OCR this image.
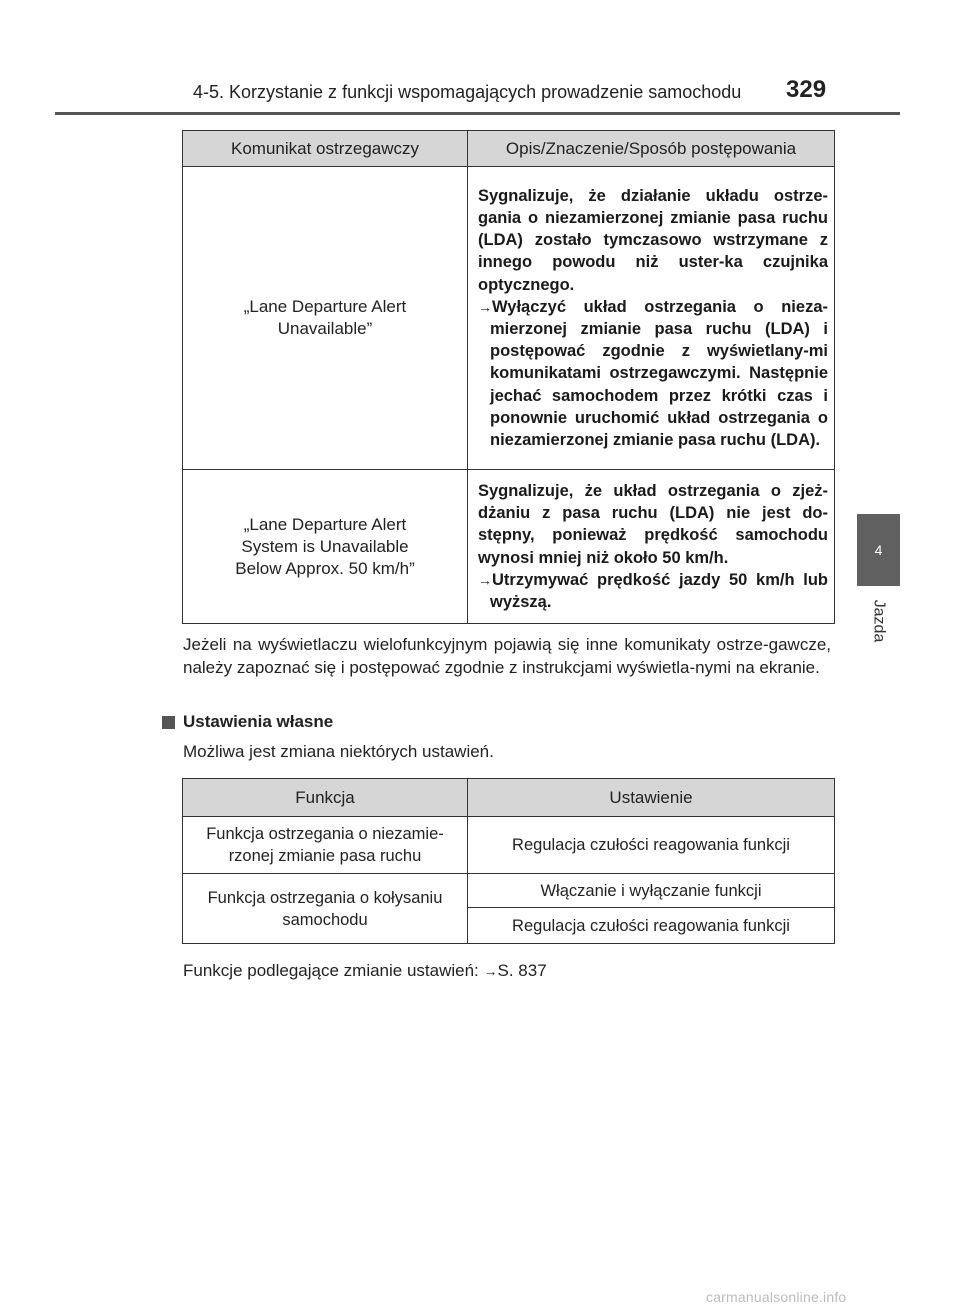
4-5. Korzystanie z funkcji wspomagających prowadzenie samochodu	329
4
Jazda
Komunikat ostrzegawczy	Opis/Znaczenie/Sposób postępowania
„Lane Departure Alert
Unavailable”	Sygnalizuje, że działanie układu ostrze-gania o niezamierzonej zmianie pasa ruchu (LDA) zostało tymczasowo wstrzymane z innego powodu niż uster-ka czujnika optycznego.
→Wyłączyć układ ostrzegania o nieza-mierzonej zmianie pasa ruchu (LDA) i postępować zgodnie z wyświetlany-mi komunikatami ostrzegawczymi. Następnie jechać samochodem przez krótki czas i ponownie uruchomić układ ostrzegania o niezamierzonej zmianie pasa ruchu (LDA).

„Lane Departure Alert
System is Unavailable
Below Approx. 50 km/h”	Sygnalizuje, że układ ostrzegania o zjeż-dżaniu z pasa ruchu (LDA) nie jest do-stępny, ponieważ prędkość samochodu wynosi mniej niż około 50 km/h.
→Utrzymywać prędkość jazdy 50 km/h lub wyższą.
Jeżeli na wyświetlaczu wielofunkcyjnym pojawią się inne komunikaty ostrze-gawcze, należy zapoznać się i postępować zgodnie z instrukcjami wyświetla-nymi na ekranie.
Ustawienia własne
Możliwa jest zmiana niektórych ustawień.
Funkcja	Ustawienie
Funkcja ostrzegania o niezamie-
rzonej zmianie pasa ruchu	Regulacja czułości reagowania funkcji
Funkcja ostrzegania o kołysaniu
samochodu	Włączanie i wyłączanie funkcji
	Regulacja czułości reagowania funkcji
Funkcje podlegające zmianie ustawień: →S. 837
carmanualsonline.info
